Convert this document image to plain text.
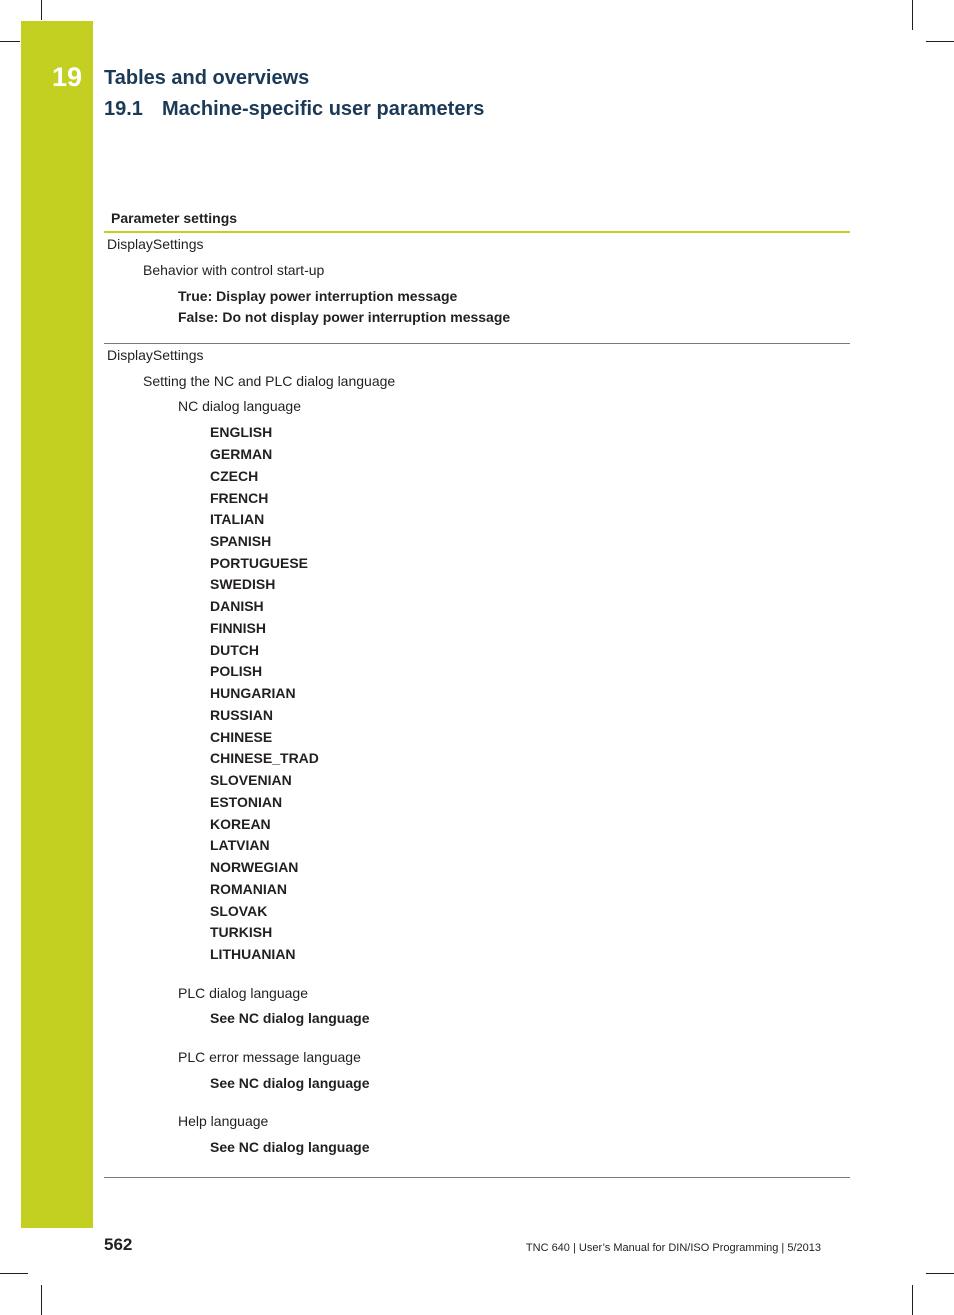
19 Tables and overviews
19.1 Machine-specific user parameters
Parameter settings
DisplaySettings
Behavior with control start-up
True: Display power interruption message
False: Do not display power interruption message
DisplaySettings
Setting the NC and PLC dialog language
NC dialog language
ENGLISH
GERMAN
CZECH
FRENCH
ITALIAN
SPANISH
PORTUGUESE
SWEDISH
DANISH
FINNISH
DUTCH
POLISH
HUNGARIAN
RUSSIAN
CHINESE
CHINESE_TRAD
SLOVENIAN
ESTONIAN
KOREAN
LATVIAN
NORWEGIAN
ROMANIAN
SLOVAK
TURKISH
LITHUANIAN
PLC dialog language
See NC dialog language
PLC error message language
See NC dialog language
Help language
See NC dialog language
562	TNC 640 | User’s Manual for DIN/ISO Programming | 5/2013
